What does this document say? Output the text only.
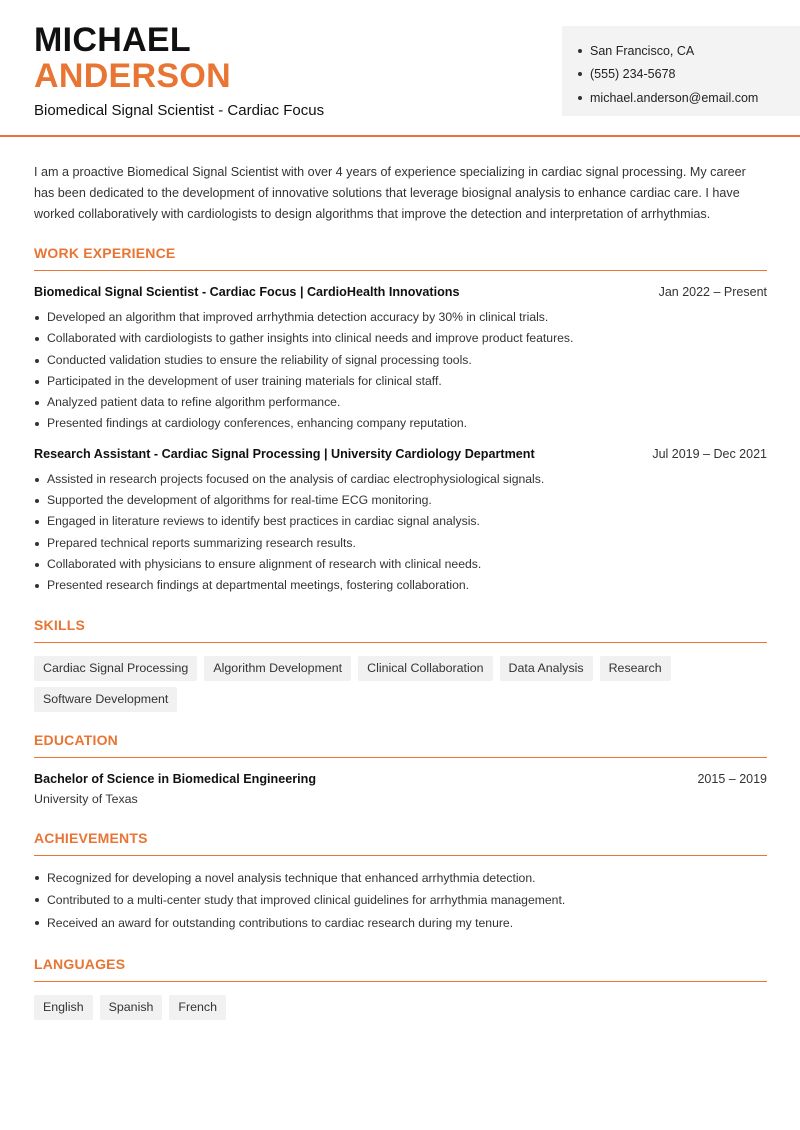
MICHAEL
ANDERSON
Biomedical Signal Scientist - Cardiac Focus
San Francisco, CA
(555) 234-5678
michael.anderson@email.com

I am a proactive Biomedical Signal Scientist with over 4 years of experience specializing in cardiac signal processing. My career has been dedicated to the development of innovative solutions that leverage biosignal analysis to enhance cardiac care. I have worked collaboratively with cardiologists to design algorithms that improve the detection and interpretation of arrhythmias.

WORK EXPERIENCE
Biomedical Signal Scientist - Cardiac Focus | CardioHealth Innovations	Jan 2022 – Present
Developed an algorithm that improved arrhythmia detection accuracy by 30% in clinical trials.
Collaborated with cardiologists to gather insights into clinical needs and improve product features.
Conducted validation studies to ensure the reliability of signal processing tools.
Participated in the development of user training materials for clinical staff.
Analyzed patient data to refine algorithm performance.
Presented findings at cardiology conferences, enhancing company reputation.
Research Assistant - Cardiac Signal Processing | University Cardiology Department	Jul 2019 – Dec 2021
Assisted in research projects focused on the analysis of cardiac electrophysiological signals.
Supported the development of algorithms for real-time ECG monitoring.
Engaged in literature reviews to identify best practices in cardiac signal analysis.
Prepared technical reports summarizing research results.
Collaborated with physicians to ensure alignment of research with clinical needs.
Presented research findings at departmental meetings, fostering collaboration.
SKILLS
Cardiac Signal Processing	Algorithm Development	Clinical Collaboration	Data Analysis	Research
Software Development
EDUCATION
Bachelor of Science in Biomedical Engineering	2015 – 2019
University of Texas
ACHIEVEMENTS
Recognized for developing a novel analysis technique that enhanced arrhythmia detection.
Contributed to a multi-center study that improved clinical guidelines for arrhythmia management.
Received an award for outstanding contributions to cardiac research during my tenure.
LANGUAGES
English	Spanish	French
